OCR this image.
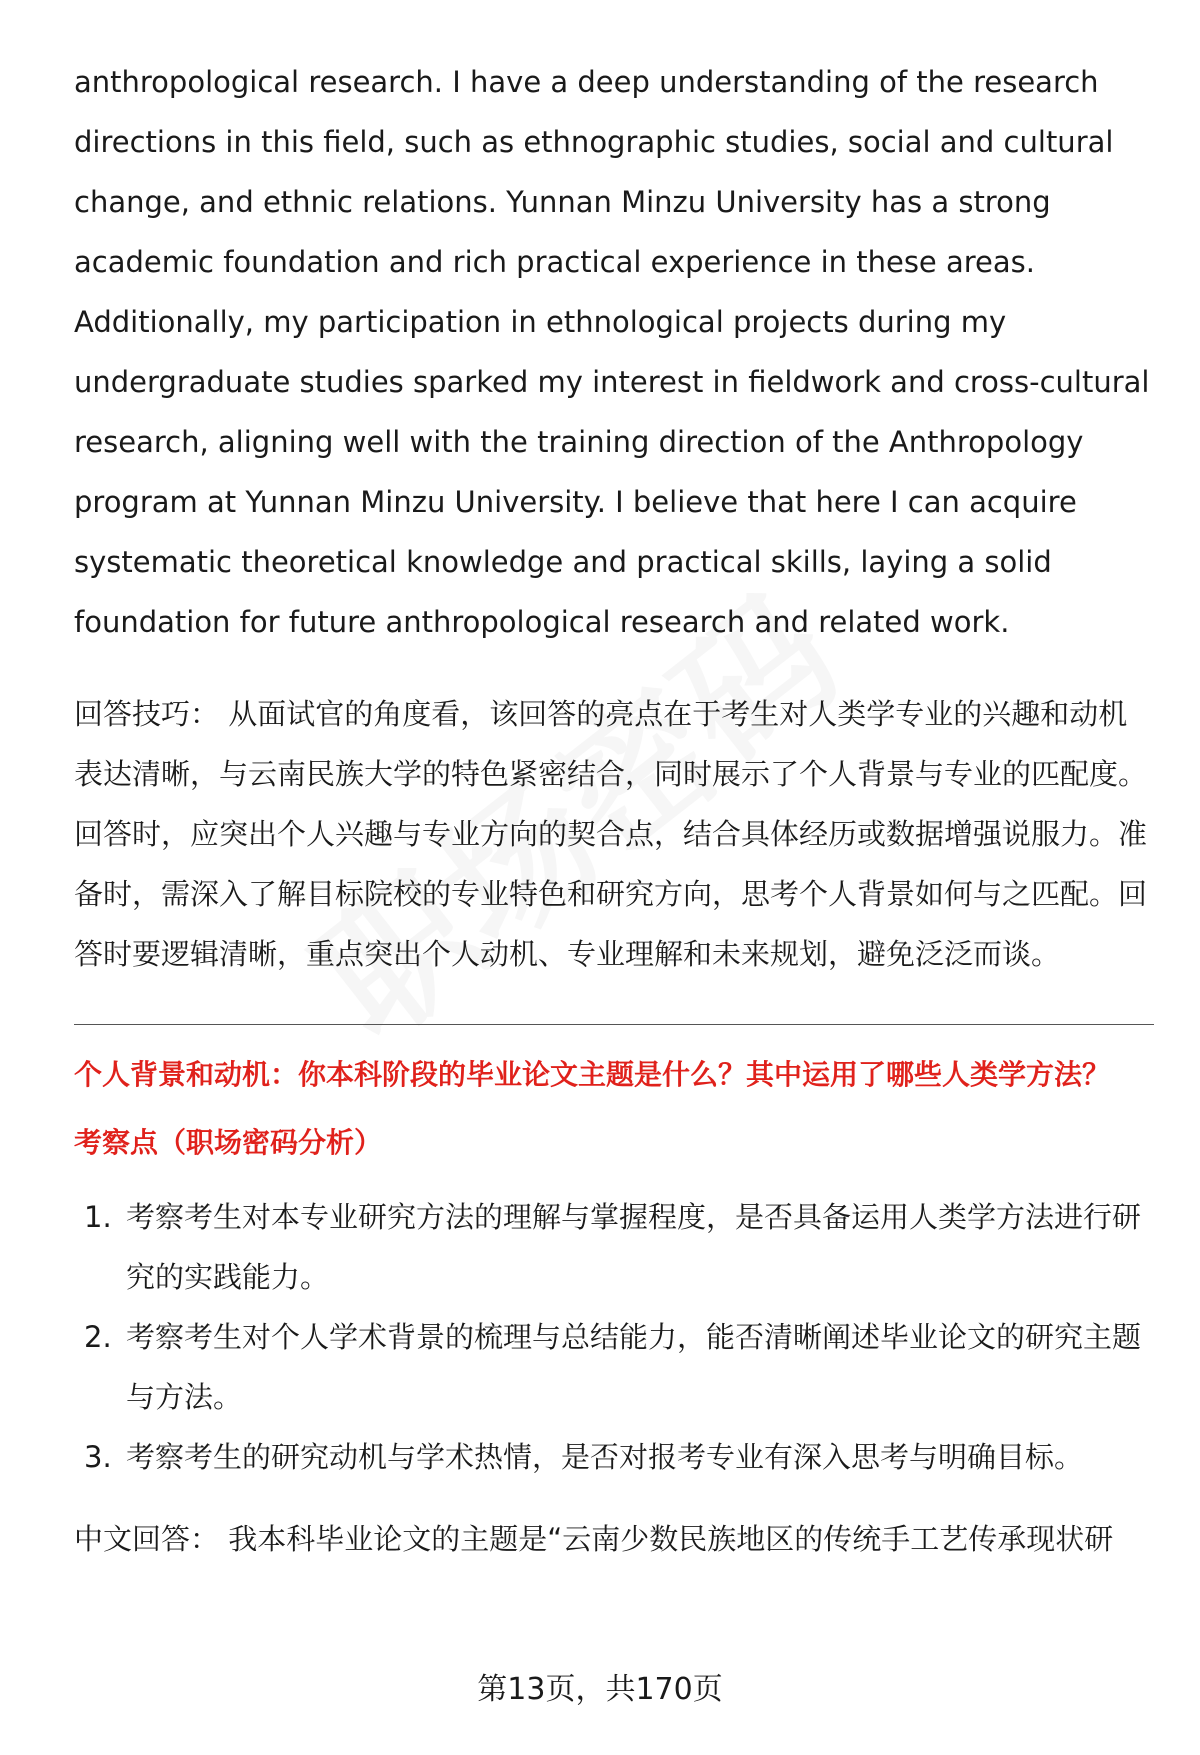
anthropological research. I have a deep understanding of the research directions in this field, such as ethnographic studies, social and cultural change, and ethnic relations. Yunnan Minzu University has a strong academic foundation and rich practical experience in these areas. Additionally, my participation in ethnological projects during my undergraduate studies sparked my interest in fieldwork and cross-cultural research, aligning well with the training direction of the Anthropology program at Yunnan Minzu University. I believe that here I can acquire systematic theoretical knowledge and practical skills, laying a solid foundation for future anthropological research and related work.

回答技巧： 从面试官的角度看，该回答的亮点在于考生对人类学专业的兴趣和动机表达清晰，与云南民族大学的特色紧密结合，同时展示了个人背景与专业的匹配度。回答时，应突出个人兴趣与专业方向的契合点，结合具体经历或数据增强说服力。准备时，需深入了解目标院校的专业特色和研究方向，思考个人背景如何与之匹配。回答时要逻辑清晰，重点突出个人动机、专业理解和未来规划，避免泛泛而谈。

个人背景和动机：你本科阶段的毕业论文主题是什么？其中运用了哪些人类学方法？

考察点（职场密码分析）

1. 考察考生对本专业研究方法的理解与掌握程度，是否具备运用人类学方法进行研究的实践能力。
2. 考察考生对个人学术背景的梳理与总结能力，能否清晰阐述毕业论文的研究主题与方法。
3. 考察考生的研究动机与学术热情，是否对报考专业有深入思考与明确目标。

中文回答： 我本科毕业论文的主题是“云南少数民族地区的传统手工艺传承现状研

第13页，共170页
